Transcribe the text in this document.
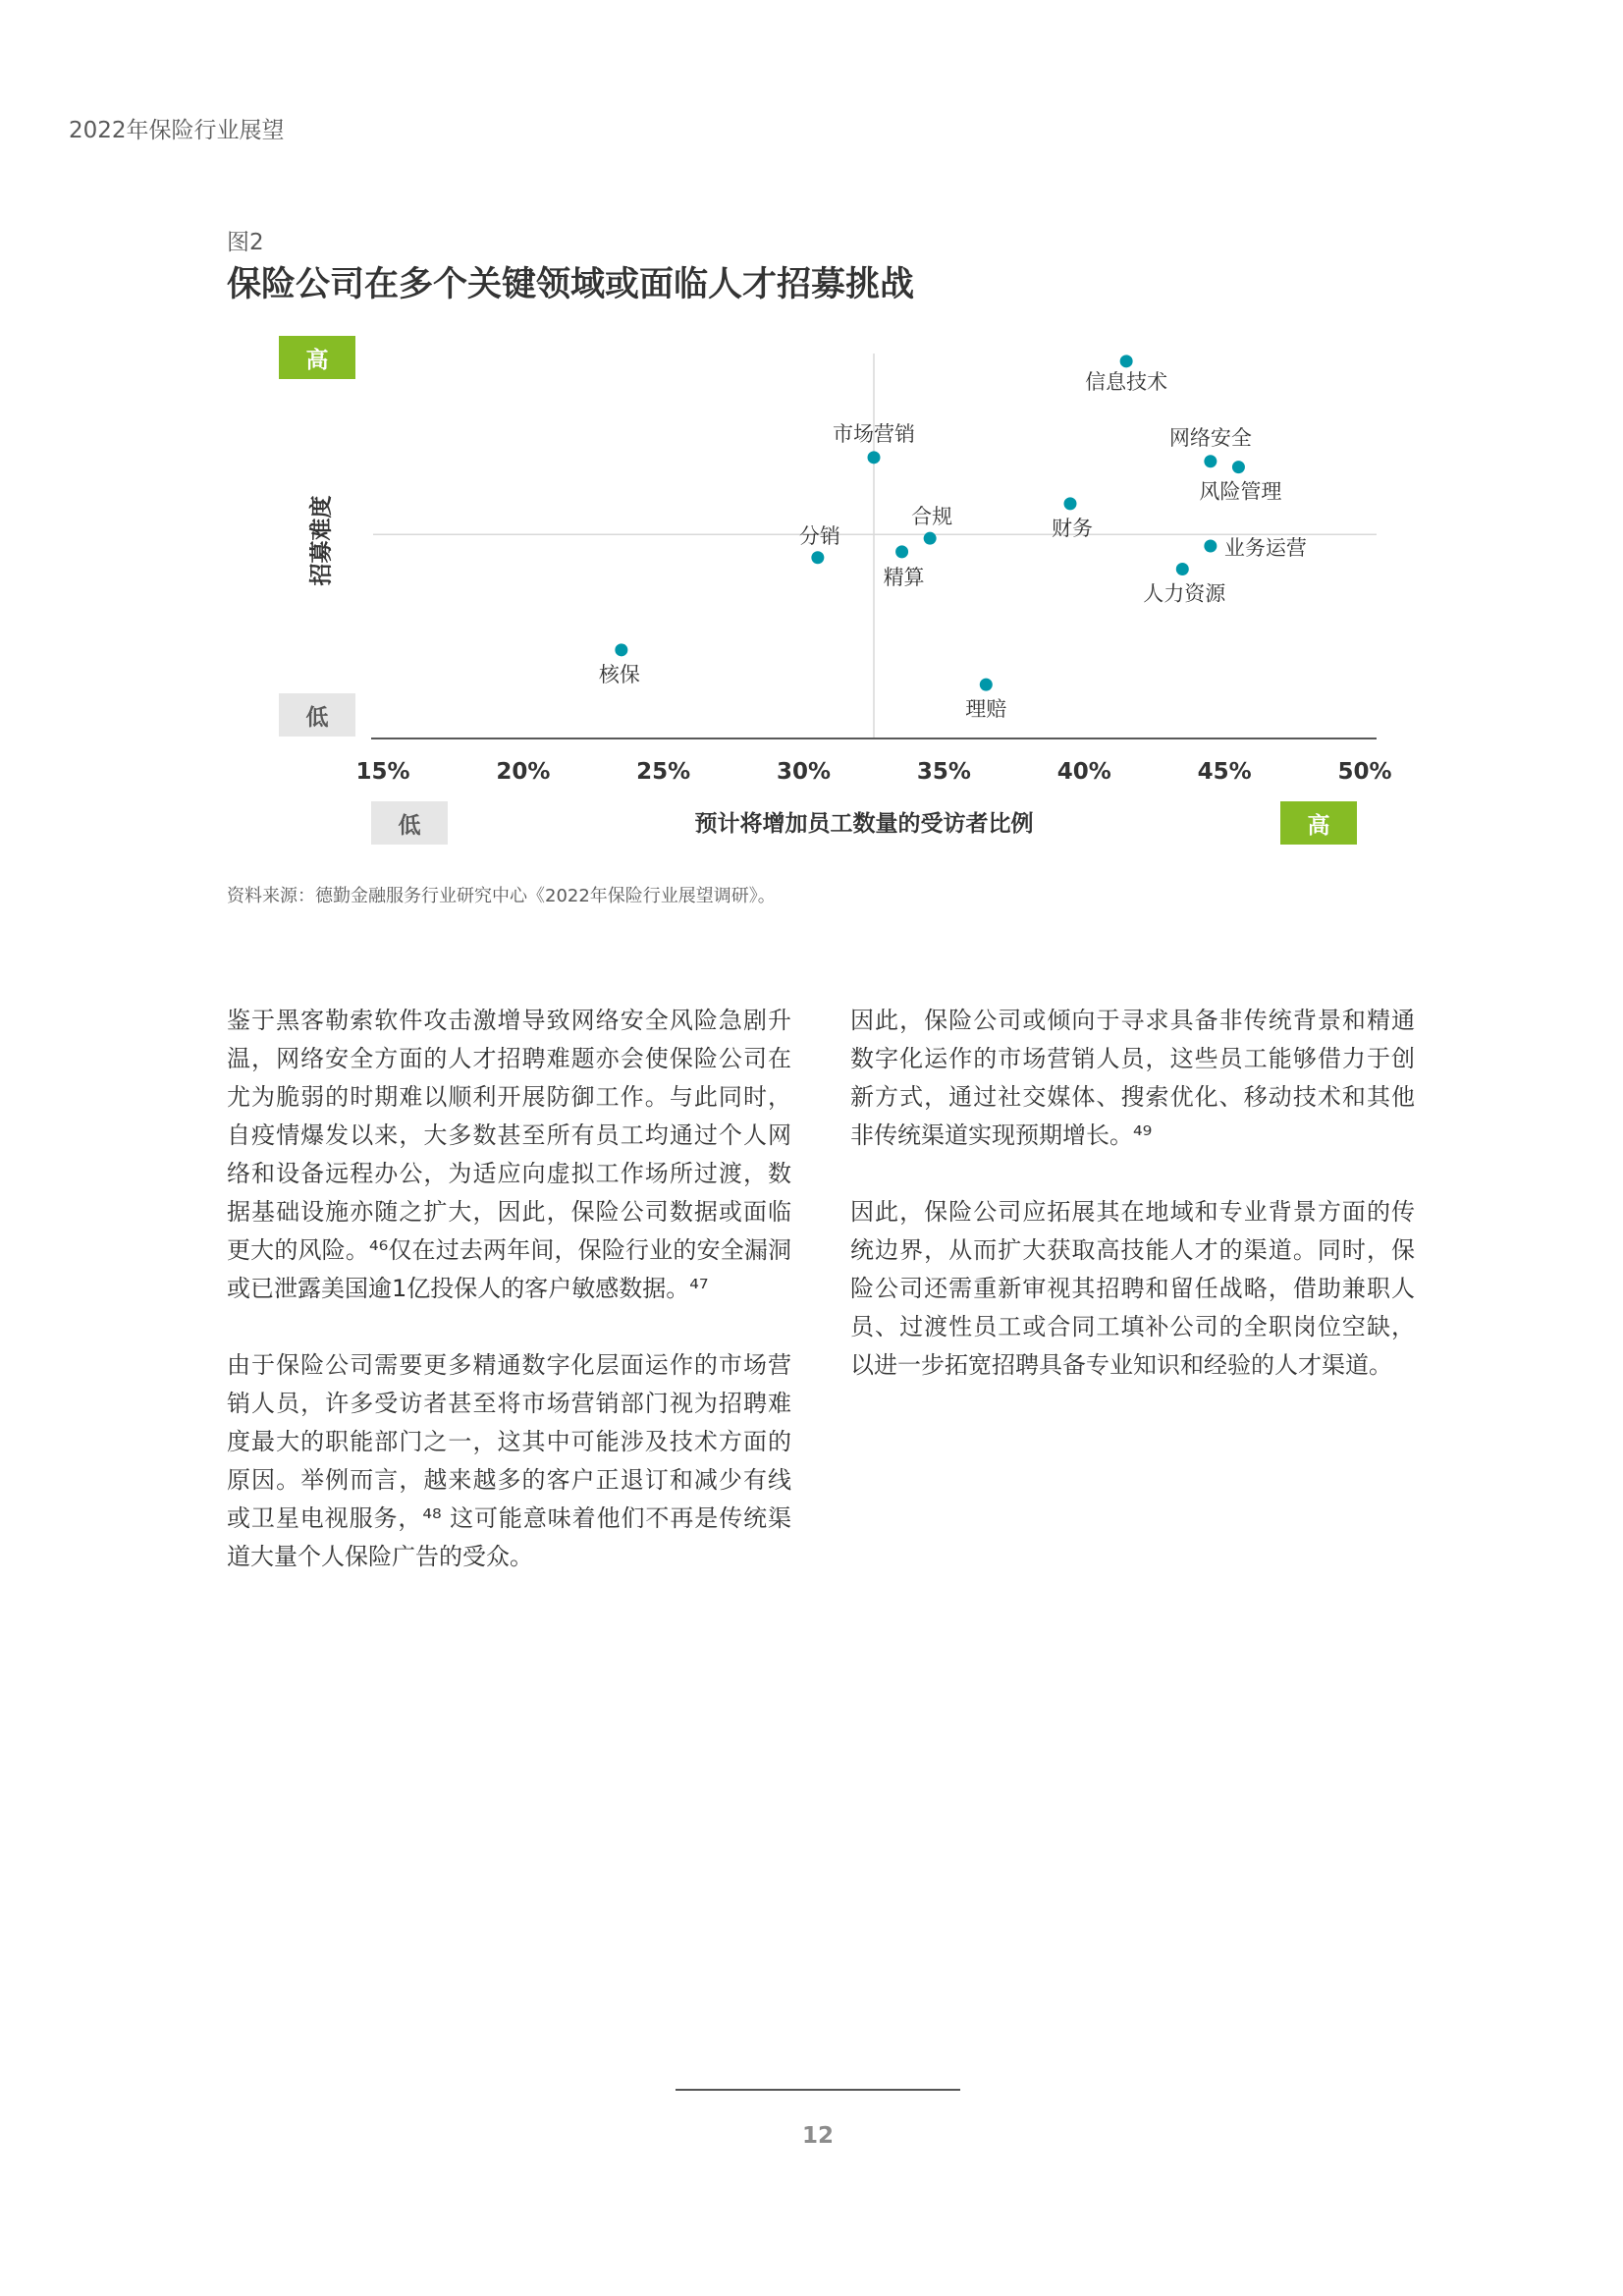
2022年保险行业展望
图2
保险公司在多个关键领域或面临人才招募挑战
15%	20%	25%	30%	35%	40%	45%	50%
信息技术
市场营销	网络安全
风险管理
财务
合规
分销
精算
业务运营
人力资源
核保
理赔
高
低
招募难度
低	预计将增加员工数量的受访者比例	高
资料来源：德勤金融服务行业研究中心《2022年保险行业展望调研》。

鉴于黑客勒索软件攻击激增导致网络安全风险急剧升温，网络安全方面的人才招聘难题亦会使保险公司在尤为脆弱的时期难以顺利开展防御工作。与此同时，自疫情爆发以来，大多数甚至所有员工均通过个人网络和设备远程办公，为适应向虚拟工作场所过渡，数据基础设施亦随之扩大，因此，保险公司数据或面临更大的风险。⁴⁶仅在过去两年间，保险行业的安全漏洞或已泄露美国逾1亿投保人的客户敏感数据。⁴⁷

由于保险公司需要更多精通数字化层面运作的市场营销人员，许多受访者甚至将市场营销部门视为招聘难度最大的职能部门之一，这其中可能涉及技术方面的原因。举例而言，越来越多的客户正退订和减少有线或卫星电视服务，⁴⁸ 这可能意味着他们不再是传统渠道大量个人保险广告的受众。

因此，保险公司或倾向于寻求具备非传统背景和精通数字化运作的市场营销人员，这些员工能够借力于创新方式，通过社交媒体、搜索优化、移动技术和其他非传统渠道实现预期增长。⁴⁹

因此，保险公司应拓展其在地域和专业背景方面的传统边界，从而扩大获取高技能人才的渠道。同时，保险公司还需重新审视其招聘和留任战略，借助兼职人员、过渡性员工或合同工填补公司的全职岗位空缺，以进一步拓宽招聘具备专业知识和经验的人才渠道。

12
